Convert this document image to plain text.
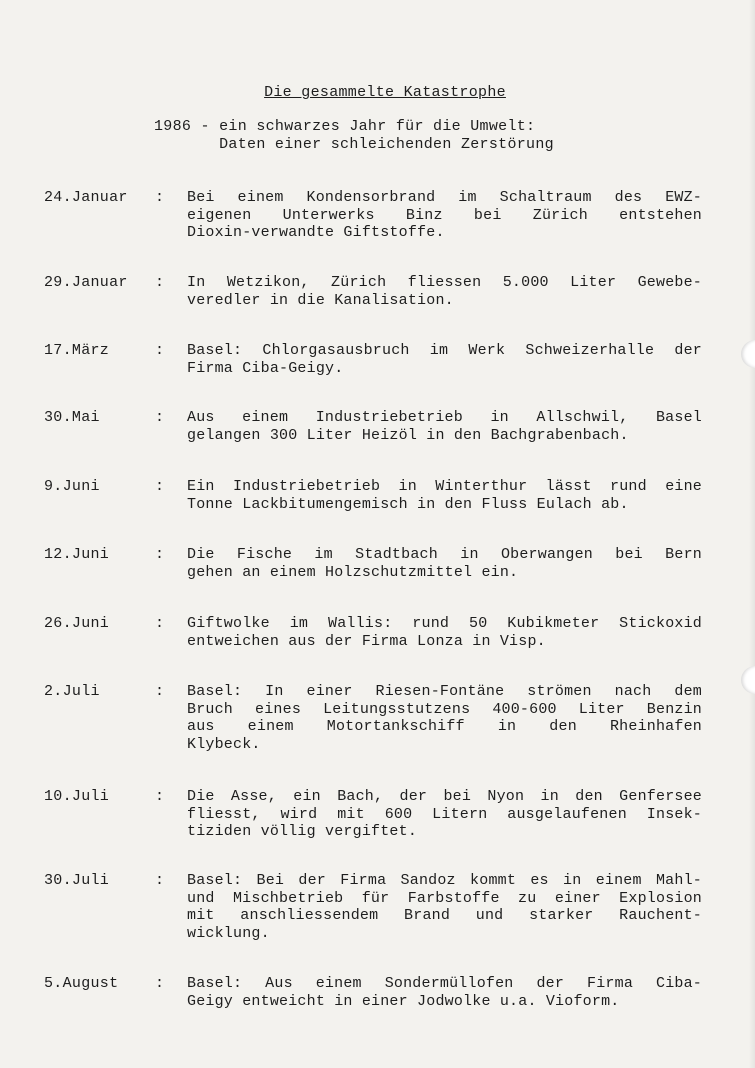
Die gesammelte Katastrophe
1986 - ein schwarzes Jahr für die Umwelt:
Daten einer schleichenden Zerstörung
24.Januar : Bei einem Kondensorbrand im Schaltraum des EWZ-
eigenen Unterwerks Binz bei Zürich entstehen
Dioxin-verwandte Giftstoffe.
29.Januar : In Wetzikon, Zürich fliessen 5.000 Liter Gewebe-
veredler in die Kanalisation.
17.März	: Basel: Chlorgasausbruch im Werk Schweizerhalle der
Firma Ciba-Geigy.
30.Mai	: Aus einem Industriebetrieb in Allschwil, Basel
gelangen 300 Liter Heizöl in den Bachgrabenbach.
9.Juni	: Ein Industriebetrieb in Winterthur lässt rund eine
Tonne Lackbitumengemisch in den Fluss Eulach ab.
12.Juni	: Die Fische im Stadtbach in Oberwangen bei Bern
gehen an einem Holzschutzmittel ein.
26.Juni	: Giftwolke im Wallis: rund 50 Kubikmeter Stickoxid
entweichen aus der Firma Lonza in Visp.
2.Juli	: Basel: In einer Riesen-Fontäne strömen nach dem
Bruch eines Leitungsstutzens 400-600 Liter Benzin
aus einem Motortankschiff in den Rheinhafen
Klybeck.
10.Juli	: Die Asse, ein Bach, der bei Nyon in den Genfersee
fliesst, wird mit 600 Litern ausgelaufenen Insek-
tiziden völlig vergiftet.
30.Juli	: Basel: Bei der Firma Sandoz kommt es in einem Mahl-
und Mischbetrieb für Farbstoffe zu einer Explosion
mit anschliessendem Brand und starker Rauchent-
wicklung.
5.August : Basel: Aus einem Sondermüllofen der Firma Ciba-
Geigy entweicht in einer Jodwolke u.a. Vioform.
